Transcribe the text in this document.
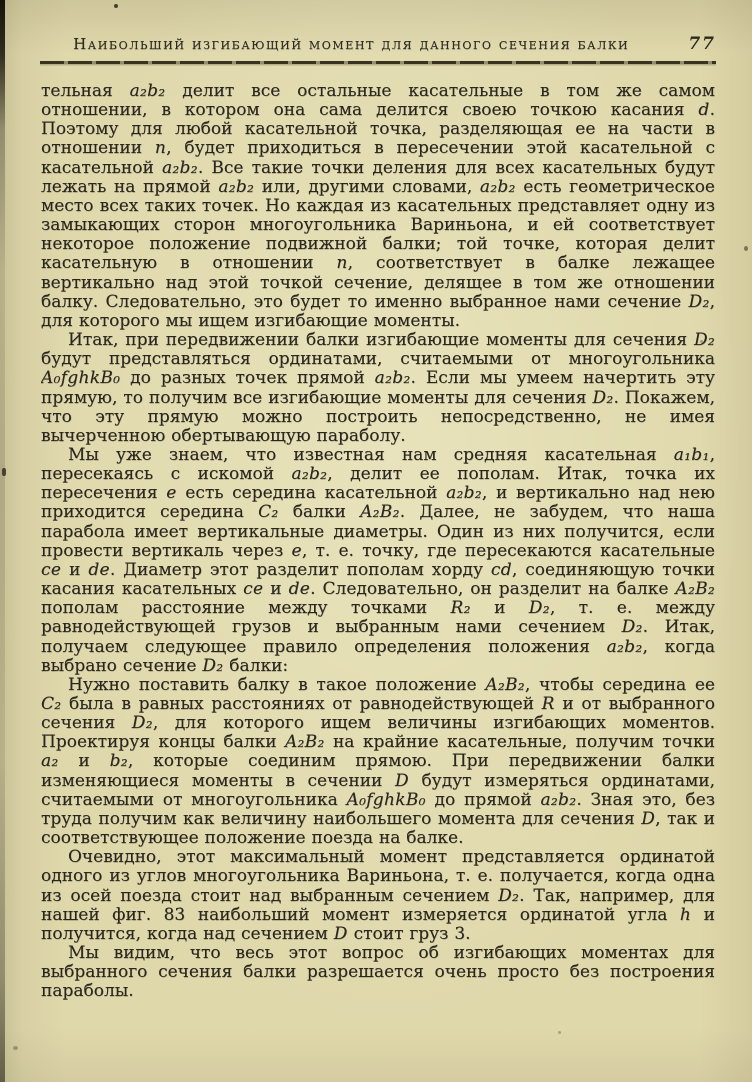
Наибольший изгибающий момент для данного сечения балки	77

тельная a₂b₂ делит все остальные касательные в том же самом отношении, в котором она сама делится своею точкою касания d. Поэтому для любой касательной точка, разделяющая ее на части в отношении n, будет приходиться в пересечении этой касательной с касательной a₂b₂. Все такие точки деления для всех касательных будут лежать на прямой a₂b₂ или, другими словами, a₂b₂ есть геометрическое место всех таких точек. Но каждая из касательных представляет одну из замыкающих сторон многоугольника Вариньона, и ей соответствует некоторое положение подвижной балки; той точке, которая делит касательную в отношении n, соответствует в балке лежащее вертикально над этой точкой сечение, делящее в том же отношении балку. Следовательно, это будет то именно выбранное нами сечение D₂, для которого мы ищем изгибающие моменты.

Итак, при передвижении балки изгибающие моменты для сечения D₂ будут представляться ординатами, считаемыми от многоугольника A₀fghkB₀ до разных точек прямой a₂b₂. Если мы умеем начертить эту прямую, то получим все изгибающие моменты для сечения D₂. Покажем, что эту прямую можно построить непосредственно, не имея вычерченною обертывающую параболу.

Мы уже знаем, что известная нам средняя касательная a₁b₁, пересекаясь с искомой a₂b₂, делит ее пополам. Итак, точка их пересечения e есть середина касательной a₂b₂, и вертикально над нею приходится середина C₂ балки A₂B₂. Далее, не забудем, что наша парабола имеет вертикальные диаметры. Один из них получится, если провести вертикаль через e, т. е. точку, где пересекаются касательные ce и de. Диаметр этот разделит пополам хорду cd, соединяющую точки касания касательных ce и de. Следовательно, он разделит на балке A₂B₂ пополам расстояние между точками R₂ и D₂, т. е. между равнодействующей грузов и выбранным нами сечением D₂. Итак, получаем следующее правило определения положения a₂b₂, когда выбрано сечение D₂ балки:

Нужно поставить балку в такое положение A₂B₂, чтобы середина ее C₂ была в равных расстояниях от равнодействующей R и от выбранного сечения D₂, для которого ищем величины изгибающих моментов. Проектируя концы балки A₂B₂ на крайние касательные, получим точки a₂ и b₂, которые соединим прямою. При передвижении балки изменяющиеся моменты в сечении D будут измеряться ординатами, считаемыми от многоугольника A₀fghkB₀ до прямой a₂b₂. Зная это, без труда получим как величину наибольшего момента для сечения D, так и соответствующее положение поезда на балке.

Очевидно, этот максимальный момент представляется ординатой одного из углов многоугольника Вариньона, т. е. получается, когда одна из осей поезда стоит над выбранным сечением D₂. Так, например, для нашей фиг. 83 наибольший момент измеряется ординатой угла h и получится, когда над сечением D стоит груз 3.

Мы видим, что весь этот вопрос об изгибающих моментах для выбранного сечения балки разрешается очень просто без построения параболы.
